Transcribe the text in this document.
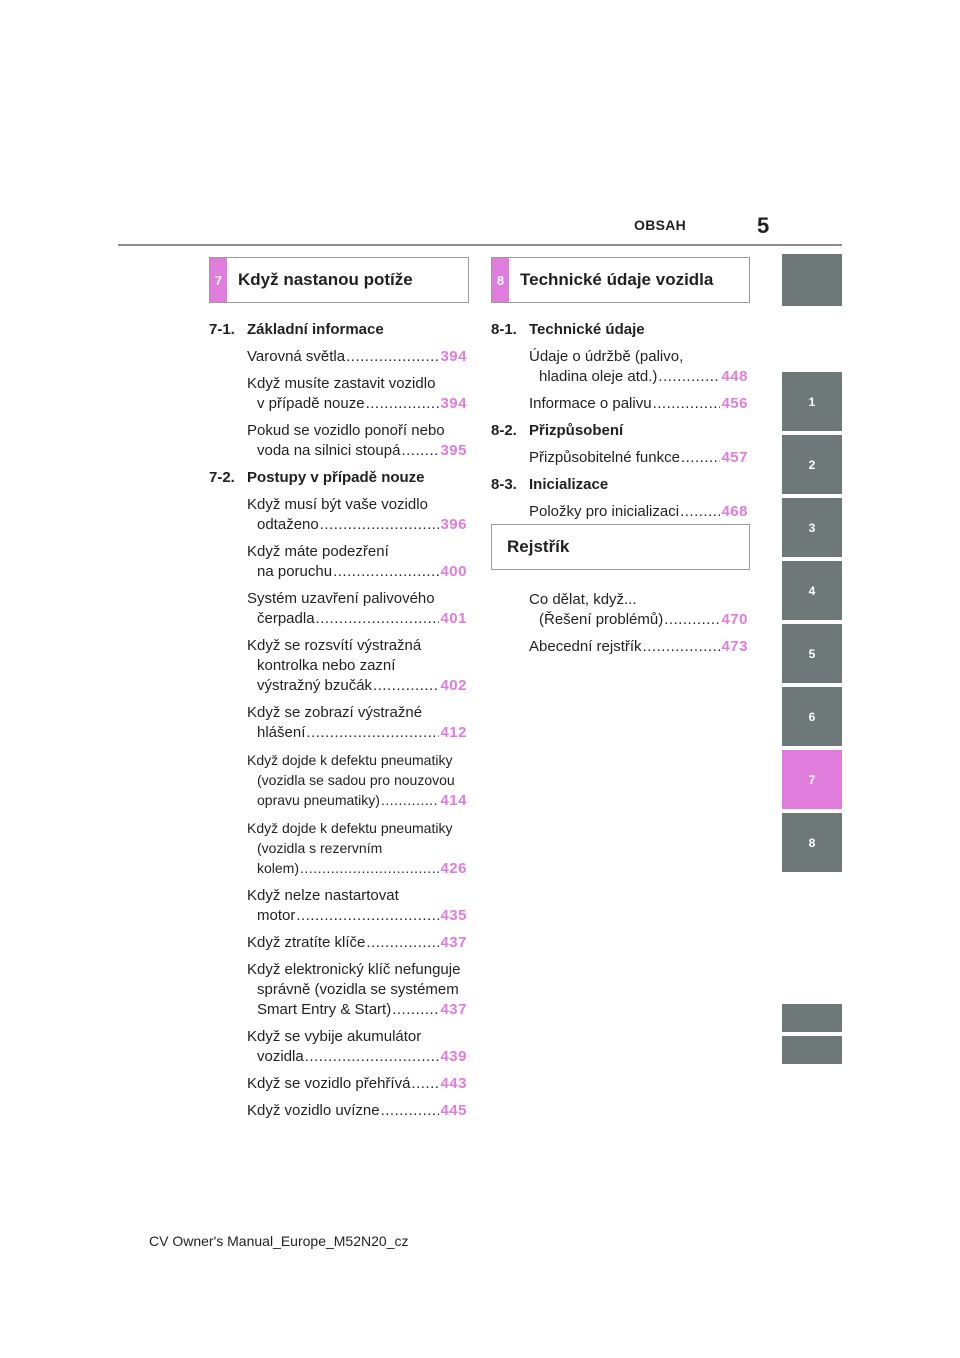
OBSAH	5
7 Když nastanou potíže	8 Technické údaje vozidla
Rejstřík
7-1. Základní informace
Varovná světla .....	394
Když musíte zastavit vozidlo
v případě nouze .....	394
Pokud se vozidlo ponoří nebo
voda na silnici stoupá .....	395
7-2. Postupy v případě nouze
Když musí být vaše vozidlo
odtaženo .....	396
Když máte podezření
na poruchu .....	400
Systém uzavření palivového
čerpadla .....	401
Když se rozsvítí výstražná
kontrolka nebo zazní
výstražný bzučák .....	402
Když se zobrazí výstražné
hlášení .....	412
Když dojde k defektu pneumatiky
(vozidla se sadou pro nouzovou
opravu pneumatiky) .....	414
Když dojde k defektu pneumatiky
(vozidla s rezervním
kolem) .....	426
Když nelze nastartovat
motor .....	435
Když ztratíte klíče .....	437
Když elektronický klíč nefunguje
správně (vozidla se systémem
Smart Entry & Start) .....	437
Když se vybije akumulátor
vozidla .....	439
Když se vozidlo přehřívá ..... 443
Když vozidlo uvízne .....	445
8-1. Technické údaje
Údaje o údržbě (palivo,
hladina oleje atd.) .....	448
Informace o palivu .....	456
8-2. Přizpůsobení
Přizpůsobitelné funkce .....	457
8-3. Inicializace
Položky pro inicializaci .....	468
Co dělat, když...
(Řešení problémů) .....	470
Abecední rejstřík .....	473
1
2
3
4
5
6
7
8
CV Owner's Manual_Europe_M52N20_cz
